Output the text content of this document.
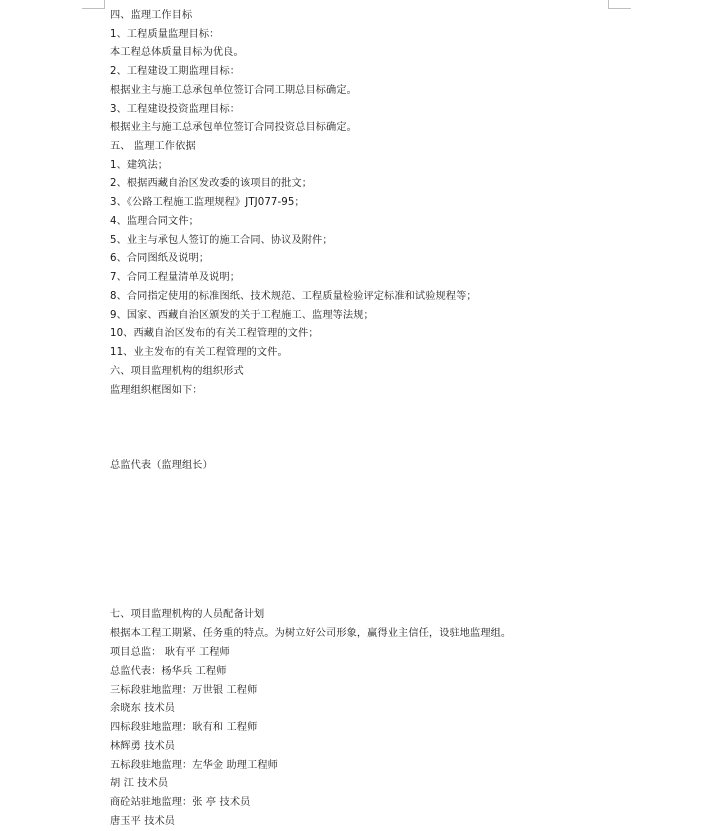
四、监理工作目标
1、工程质量监理目标：
本工程总体质量目标为优良。
2、工程建设工期监理目标：
根据业主与施工总承包单位签订合同工期总目标确定。
3、工程建设投资监理目标：
根据业主与施工总承包单位签订合同投资总目标确定。
五、 监理工作依据
1、建筑法；
2、根据西藏自治区发改委的该项目的批文；
3、《公路工程施工监理规程》JTJ077-95；
4、监理合同文件；
5、业主与承包人签订的施工合同、协议及附件；
6、合同图纸及说明；
7、合同工程量清单及说明；
8、合同指定使用的标准图纸、技术规范、工程质量检验评定标准和试验规程等；
9、国家、西藏自治区颁发的关于工程施工、监理等法规；
10、西藏自治区发布的有关工程管理的文件；
11、业主发布的有关工程管理的文件。
六、项目监理机构的组织形式
监理组织框图如下：
总监代表（监理组长）
七、项目监理机构的人员配备计划
根据本工程工期紧、任务重的特点。为树立好公司形象，赢得业主信任，设驻地监理组。
项目总监： 耿有平 工程师
总监代表：杨华兵 工程师
三标段驻地监理：万世银 工程师
余晓东 技术员
四标段驻地监理：耿有和 工程师
林辉勇 技术员
五标段驻地监理：左华金 助理工程师
胡 江 技术员
商砼站驻地监理：张 亭 技术员
唐玉平 技术员
